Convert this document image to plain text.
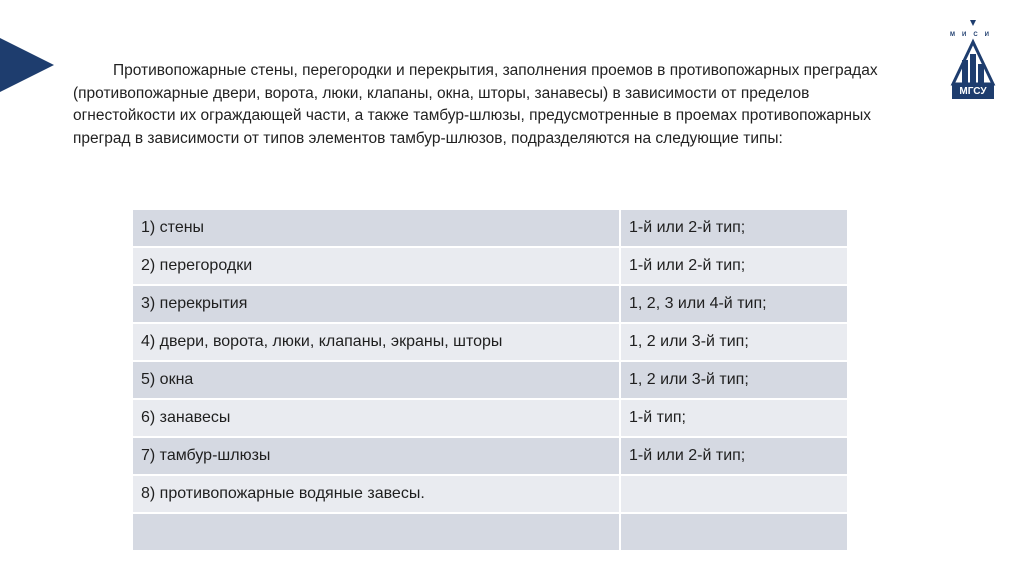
МИСИ
МГСУ

Противопожарные стены, перегородки и перекрытия, заполнения проемов в противопожарных преградах (противопожарные двери, ворота, люки, клапаны, окна, шторы, занавесы) в зависимости от пределов огнестойкости их ограждающей части, а также тамбур-шлюзы, предусмотренные в проемах противопожарных преград в зависимости от типов элементов тамбур-шлюзов, подразделяются на следующие типы:

1) стены	1-й или 2-й тип;
2) перегородки	1-й или 2-й тип;
3) перекрытия	1, 2, 3 или 4-й тип;
4) двери, ворота, люки, клапаны, экраны, шторы	1, 2 или 3-й тип;
5) окна	1, 2 или 3-й тип;
6) занавесы	1-й тип;
7) тамбур-шлюзы	1-й или 2-й тип;
8) противопожарные водяные завесы.	
